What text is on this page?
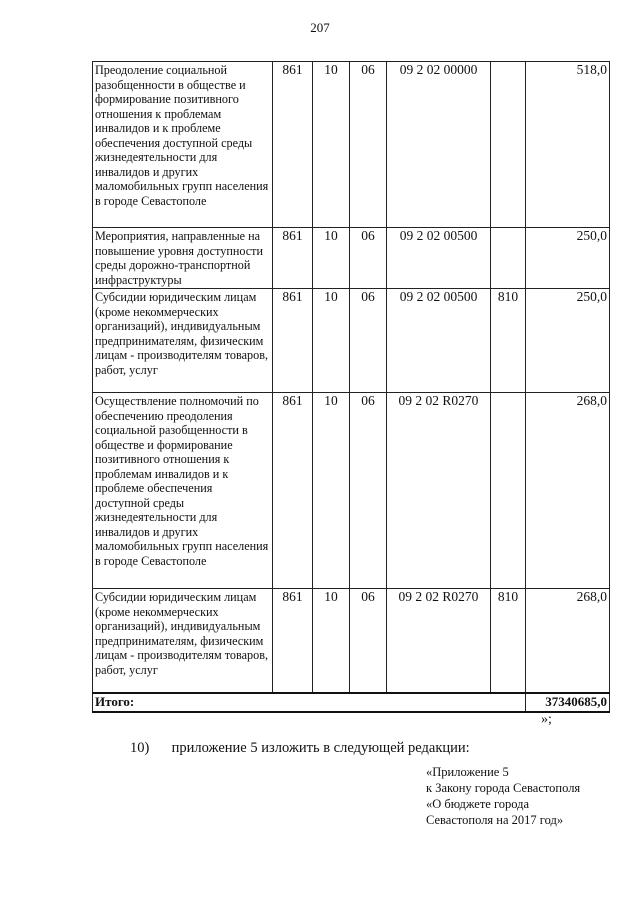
207
Преодоление социальной разобщенности в обществе и формирование позитивного отношения к проблемам инвалидов и к проблеме обеспечения доступной среды жизнедеятельности для инвалидов и других маломобильных групп населения в городе Севастополе	861	10	06	09 2 02 00000		518,0
Мероприятия, направленные на повышение уровня доступности среды дорожно-транспортной инфраструктуры	861	10	06	09 2 02 00500		250,0
Субсидии юридическим лицам (кроме некоммерческих организаций), индивидуальным предпринимателям, физическим лицам - производителям товаров, работ, услуг	861	10	06	09 2 02 00500	810	250,0
Осуществление полномочий по обеспечению преодоления социальной разобщенности в обществе и формирование позитивного отношения к проблемам инвалидов и к проблеме обеспечения доступной среды жизнедеятельности для инвалидов и других маломобильных групп населения в городе Севастополе	861	10	06	09 2 02 R0270		268,0
Субсидии юридическим лицам (кроме некоммерческих организаций), индивидуальным предпринимателям, физическим лицам - производителям товаров, работ, услуг	861	10	06	09 2 02 R0270	810	268,0
Итого:						37340685,0
»;
10) приложение 5 изложить в следующей редакции:
«Приложение 5
к Закону города Севастополя
«О бюджете города
Севастополя на 2017 год»
